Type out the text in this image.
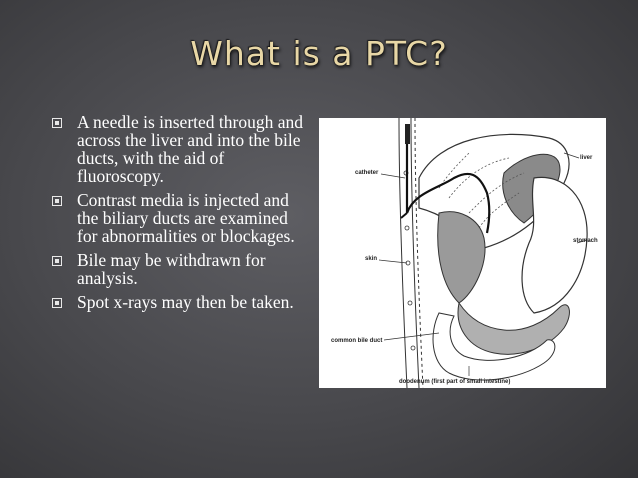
What is a PTC?
A needle is inserted through and across the liver and into the bile ducts, with the aid of fluoroscopy.
Contrast media is injected and the biliary ducts are examined for abnormalities or blockages.
Bile may be withdrawn for analysis.
Spot x-rays may then be taken.
catheter
liver
skin
stomach
common bile duct
doodenum (first part of small intestine)
